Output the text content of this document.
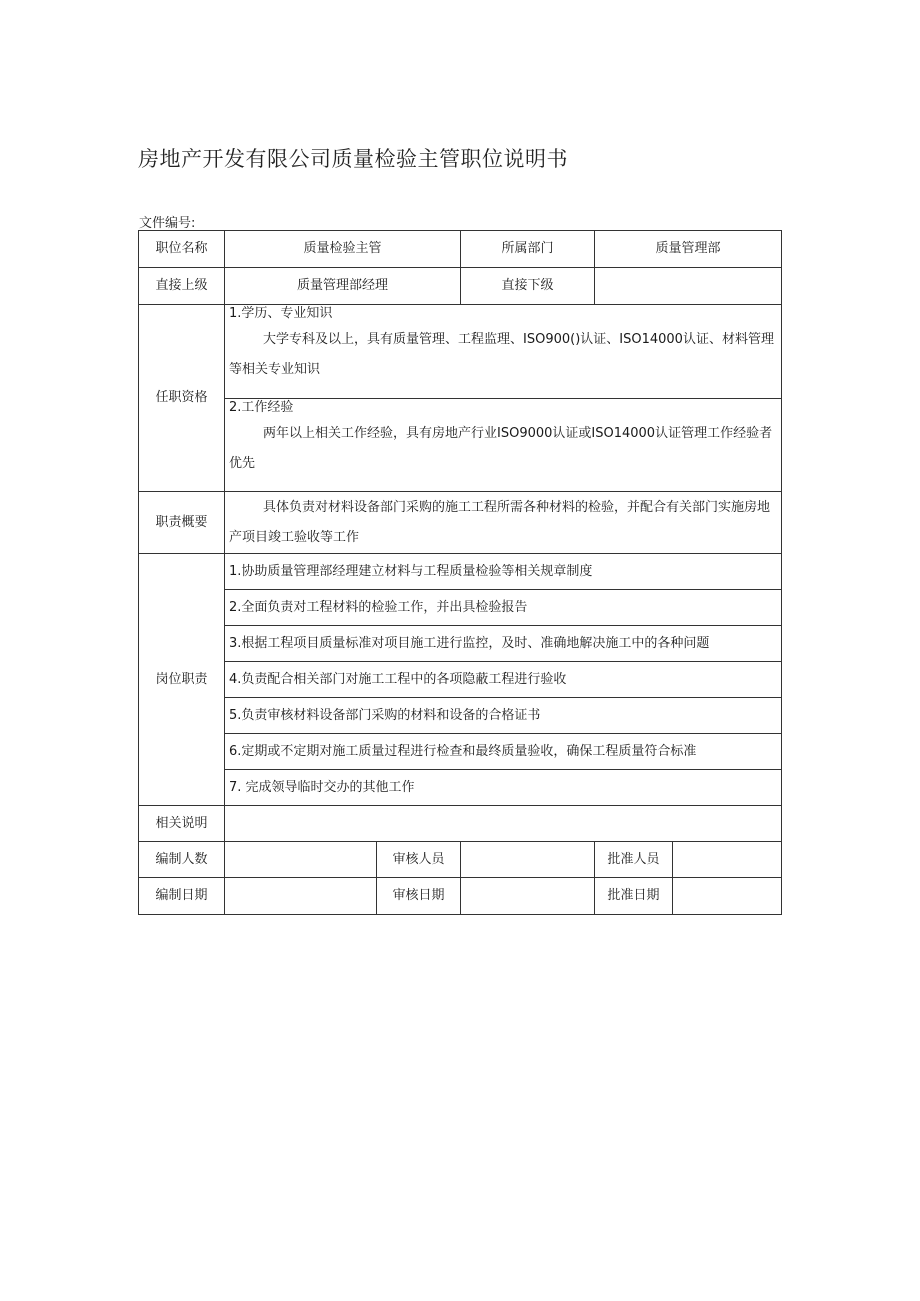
房地产开发有限公司质量检验主管职位说明书
文件编号:
职位名称	质量检验主管		所属部门	质量管理部	
直接上级	质量管理部经理		直接下级		
任职资格	1.学历、专业知识
大学专科及以上，具有质量管理、工程监理、ISO900()认证、ISO14000认证、材料管理等相关专业知识				

	2.工作经验
两年以上相关工作经验，具有房地产行业ISO9000认证或ISO14000认证管理工作经验者优先				

职责概要	具体负责对材料设备部门采购的施工工程所需各种材料的检验，并配合有关部门实施房地产项目竣工验收等工作				

岗位职责	1.协助质量管理部经理建立材料与工程质量检验等相关规章制度				
	2.全面负责对工程材料的检验工作，并出具检验报告				
	3.根据工程项目质量标准对项目施工进行监控，及时、准确地解决施工中的各种问题				
	4.负责配合相关部门对施工工程中的各项隐蔽工程进行验收				
	5.负责审核材料设备部门采购的材料和设备的合格证书				
	6.定期或不定期对施工质量过程进行检查和最终质量验收，确保工程质量符合标准				
	7. 完成领导临时交办的其他工作				
相关说明					
编制人数		审核人员		批准人员	
编制日期		审核日期		批准日期	
